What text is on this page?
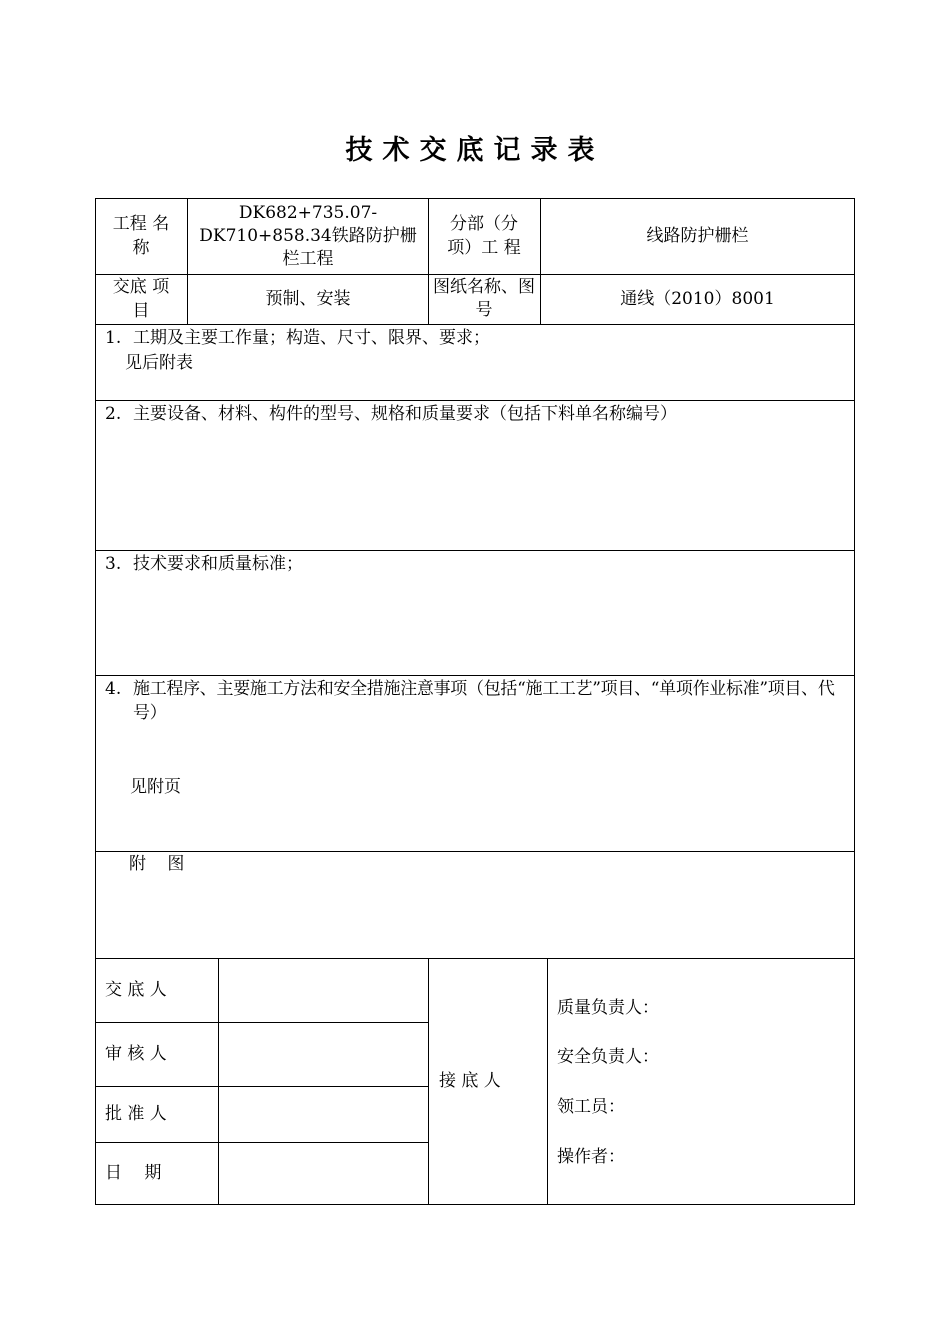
技术交底记录表
工程 名称
DK682+735.07-
DK710+858.34铁路防护栅栏工程
分部（分项）工 程
线路防护栅栏
交底 项目
预制、安装
图纸名称、图 号
通线（2010）8001
1. 工期及主要工作量；构造、尺寸、限界、要求；
见后附表
2. 主要设备、材料、构件的型号、规格和质量要求（包括下料单名称编号）
3. 技术要求和质量标准；
4. 施工程序、主要施工方法和安全措施注意事项（包括“施工工艺”项目、“单项作业标准”项目、代号）
见附页
附 图
交 底 人
审 核 人
批 准 人
日　 期
接 底 人
质量负责人：
安全负责人：
领工员：
操作者：
